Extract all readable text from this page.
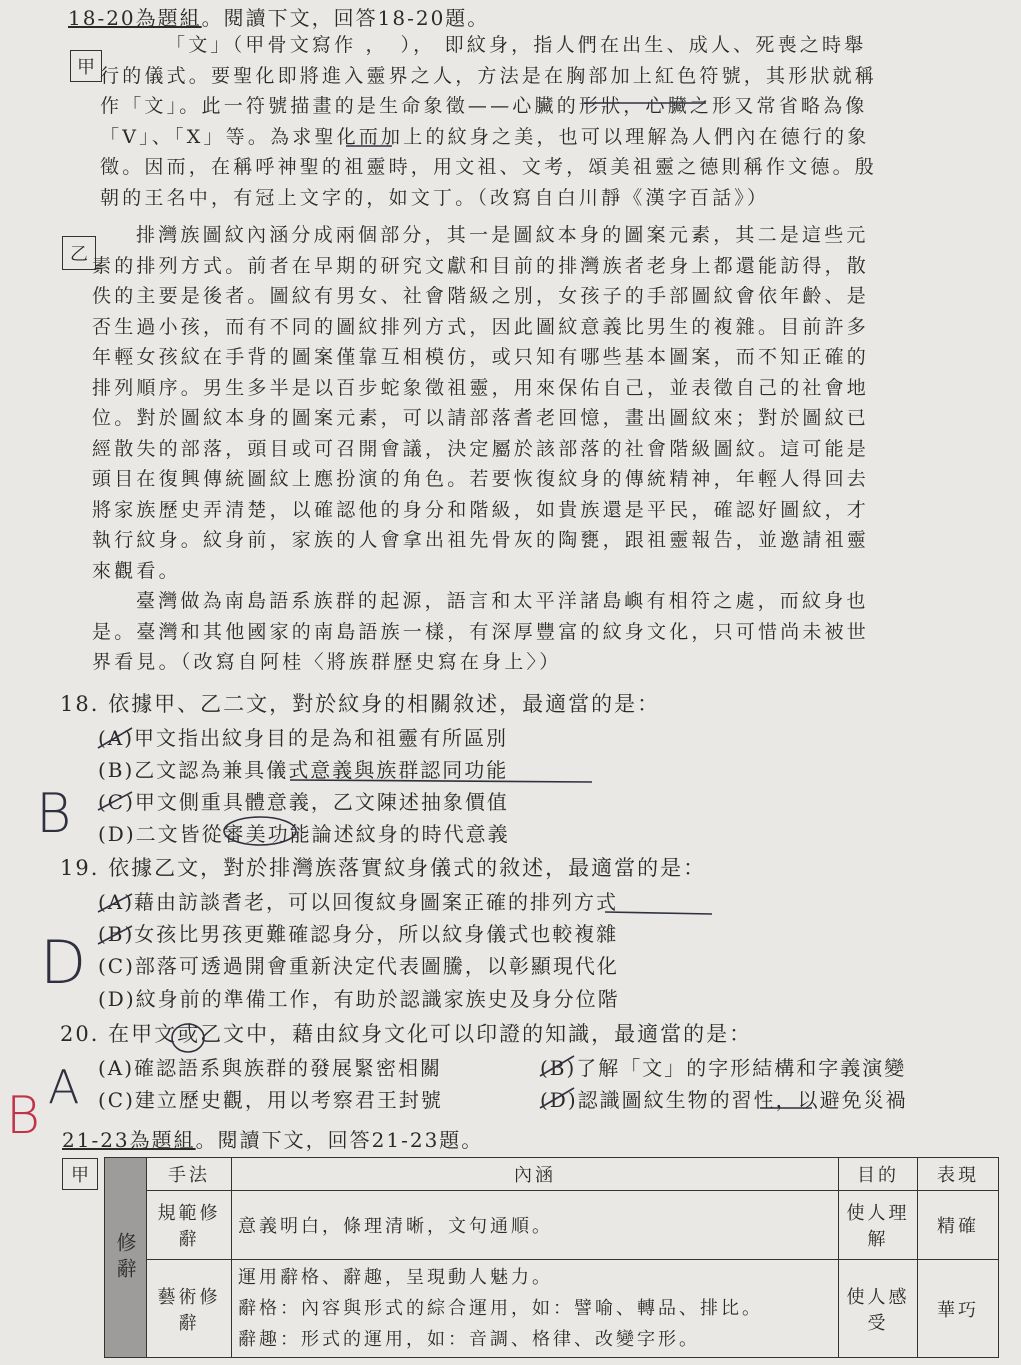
18-20為題組。閱讀下文，回答18-20題。
甲

「文」（甲骨文寫作 ，　）， 即紋身，指人們在出生、成人、死喪之時舉

行的儀式。要聖化即將進入靈界之人，方法是在胸部加上紅色符號，其形狀就稱

作「文」。此一符號描畫的是生命象徵——心臟的形狀，心臟之形又常省略為像

「V」、「X」等。為求聖化而加上的紋身之美，也可以理解為人們內在德行的象

徵。因而，在稱呼神聖的祖靈時，用文祖、文考，頌美祖靈之德則稱作文德。殷

朝的王名中，有冠上文字的，如文丁。（改寫自白川靜《漢字百話》）

乙

排灣族圖紋內涵分成兩個部分，其一是圖紋本身的圖案元素，其二是這些元

素的排列方式。前者在早期的研究文獻和目前的排灣族者老身上都還能訪得，散

佚的主要是後者。圖紋有男女、社會階級之別，女孩子的手部圖紋會依年齡、是

否生過小孩，而有不同的圖紋排列方式，因此圖紋意義比男生的複雜。目前許多

年輕女孩紋在手背的圖案僅靠互相模仿，或只知有哪些基本圖案，而不知正確的

排列順序。男生多半是以百步蛇象徵祖靈，用來保佑自己，並表徵自己的社會地

位。對於圖紋本身的圖案元素，可以請部落耆老回憶，畫出圖紋來；對於圖紋已

經散失的部落，頭目或可召開會議，決定屬於該部落的社會階級圖紋。這可能是

頭目在復興傳統圖紋上應扮演的角色。若要恢復紋身的傳統精神，年輕人得回去

將家族歷史弄清楚，以確認他的身分和階級，如貴族還是平民，確認好圖紋，才

執行紋身。紋身前，家族的人會拿出祖先骨灰的陶甕，跟祖靈報告，並邀請祖靈

來觀看。

臺灣做為南島語系族群的起源，語言和太平洋諸島嶼有相符之處，而紋身也

是。臺灣和其他國家的南島語族一樣，有深厚豐富的紋身文化，只可惜尚未被世

界看見。（改寫自阿桂〈將族群歷史寫在身上〉）

18. 依據甲、乙二文，對於紋身的相關敘述，最適當的是：
(A)甲文指出紋身目的是為和祖靈有所區別
(B)乙文認為兼具儀式意義與族群認同功能
(C)甲文側重具體意義，乙文陳述抽象價值
(D)二文皆從審美功能論述紋身的時代意義
B
19. 依據乙文，對於排灣族落實紋身儀式的敘述，最適當的是：
(A)藉由訪談耆老，可以回復紋身圖案正確的排列方式
(B)女孩比男孩更難確認身分，所以紋身儀式也較複雜
(C)部落可透過開會重新決定代表圖騰，以彰顯現代化
(D)紋身前的準備工作，有助於認識家族史及身分位階
D
20. 在甲文或乙文中，藉由紋身文化可以印證的知識，最適當的是：
(A)確認語系與族群的發展緊密相關	(B)了解「文」的字形結構和字義演變
(C)建立歷史觀，用以考察君王封號	(D)認識圖紋生物的習性，以避免災禍
A
B 21-23為題組。閱讀下文，回答21-23題。
甲
修辭	手法	內涵	目的	表現
	規範修辭	意義明白，條理清晰，文句通順。	使人理解	精確
	藝術修辭	運用辭格、辭趣，呈現動人魅力。
辭格：內容與形式的綜合運用，如：譬喻、轉品、排比。
辭趣：形式的運用，如：音調、格律、改變字形。	使人感受	華巧
